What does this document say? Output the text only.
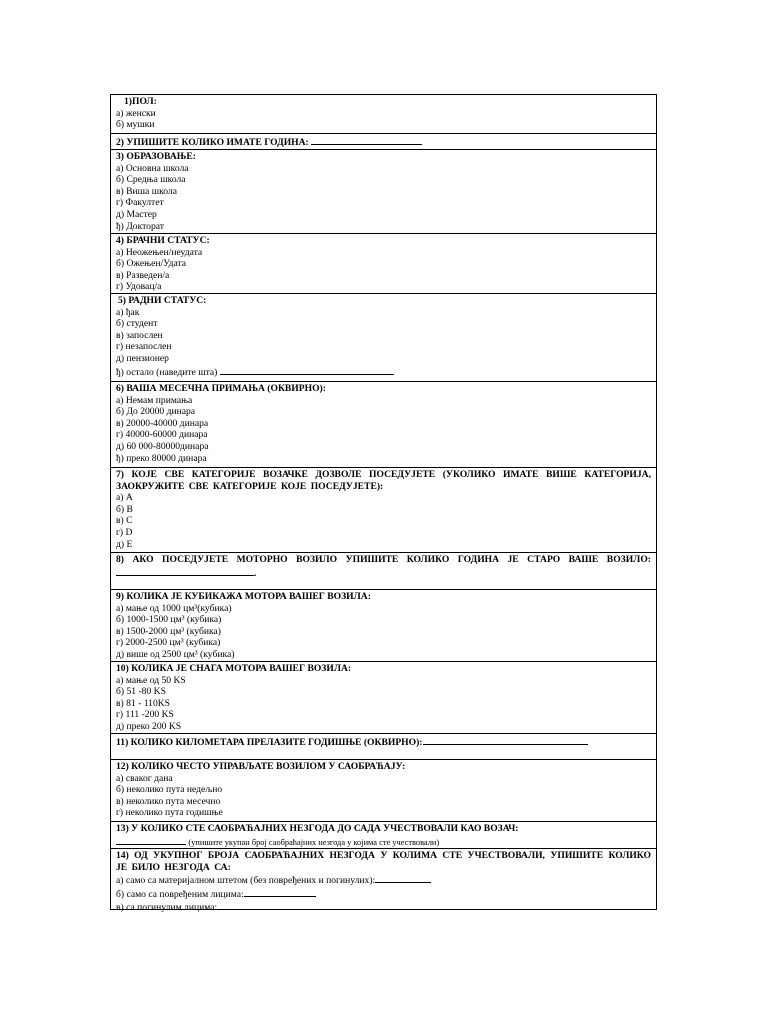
1)ПОЛ:
а) женски
б) мушки
2) УПИШИТЕ КОЛИКО ИМАТЕ ГОДИНА:
3) ОБРАЗОВАЊЕ:
а) Основна школа
б) Средња школа
в) Виша школа
г) Факултет
д) Мастер
ђ) Докторат
4) БРАЧНИ СТАТУС:
а) Неожењен/неудата
б) Ожењен/Удата
в) Разведен/а
г) Удовац/а
5) РАДНИ СТАТУС:
а) ђак
б) студент
в) запослен
г) незапослен
д) пензионер
ђ) остало (наведите шта)
6) ВАША МЕСЕЧНА ПРИМАЊА (ОКВИРНО):
а) Немам примања
б) До 20000 динара
в) 20000-40000 динара
г) 40000-60000 динара
д) 60 000-80000динара
ђ) преко 80000 динара
7) КОЈЕ СВЕ КАТЕГОРИЈЕ ВОЗАЧКЕ ДОЗВОЛЕ ПОСЕДУЈЕТЕ (УКОЛИКО ИМАТЕ ВИШЕ КАТЕГОРИЈА, ЗАОКРУЖИТЕ СВЕ КАТЕГОРИЈЕ КОЈЕ ПОСЕДУЈЕТЕ):
а) А
б) B
в) C
г) D
д) E
8) АКО ПОСЕДУЈЕТЕ МОТОРНО ВОЗИЛО УПИШИТЕ КОЛИКО ГОДИНА ЈЕ СТАРО ВАШЕ ВОЗИЛО:.
9) КОЛИКА ЈЕ КУБИКАЖА МОТОРА ВАШЕГ ВОЗИЛА:
а) мање од 1000 цм³(кубика)
б) 1000-1500 цм³ (кубика)
в) 1500-2000 цм³ (кубика)
г) 2000-2500 цм³ (кубика)
д) више од 2500 цм³ (кубика)
10) КОЛИКА ЈЕ СНАГА МОТОРА ВАШЕГ ВОЗИЛА:
а) мање од 50 KS
б) 51 -80 KS
в) 81 - 110KS
г) 111 -200 KS
д) преко 200 KS
11) КОЛИКО КИЛОМЕТАРА ПРЕЛАЗИТЕ ГОДИШЊЕ (ОКВИРНО):
12) КОЛИКО ЧЕСТО УПРАВЉАТЕ ВОЗИЛОМ У САОБРАЋАЈУ:
а) сваког дана
б) неколико пута недељно
в) неколико пута месечно
г) неколико пута годишње
13) У КОЛИКО СТЕ САОБРАЋАЈНИХ НЕЗГОДА ДО САДА УЧЕСТВОВАЛИ КАО ВОЗАЧ:
(упишите укупан број саобраћајних незгода у којима сте учествовали)
14) ОД УКУПНОГ БРОЈА САОБРАЋАЈНИХ НЕЗГОДА У КОЛИМА СТЕ УЧЕСТВОВАЛИ, УПИШИТЕ КОЛИКО ЈЕ БИЛО НЕЗГОДА СА:
а) само са материјалном штетом (без повређених и погинулих):
б) само са повређеним лицима:
в) са погинулим лицима:
